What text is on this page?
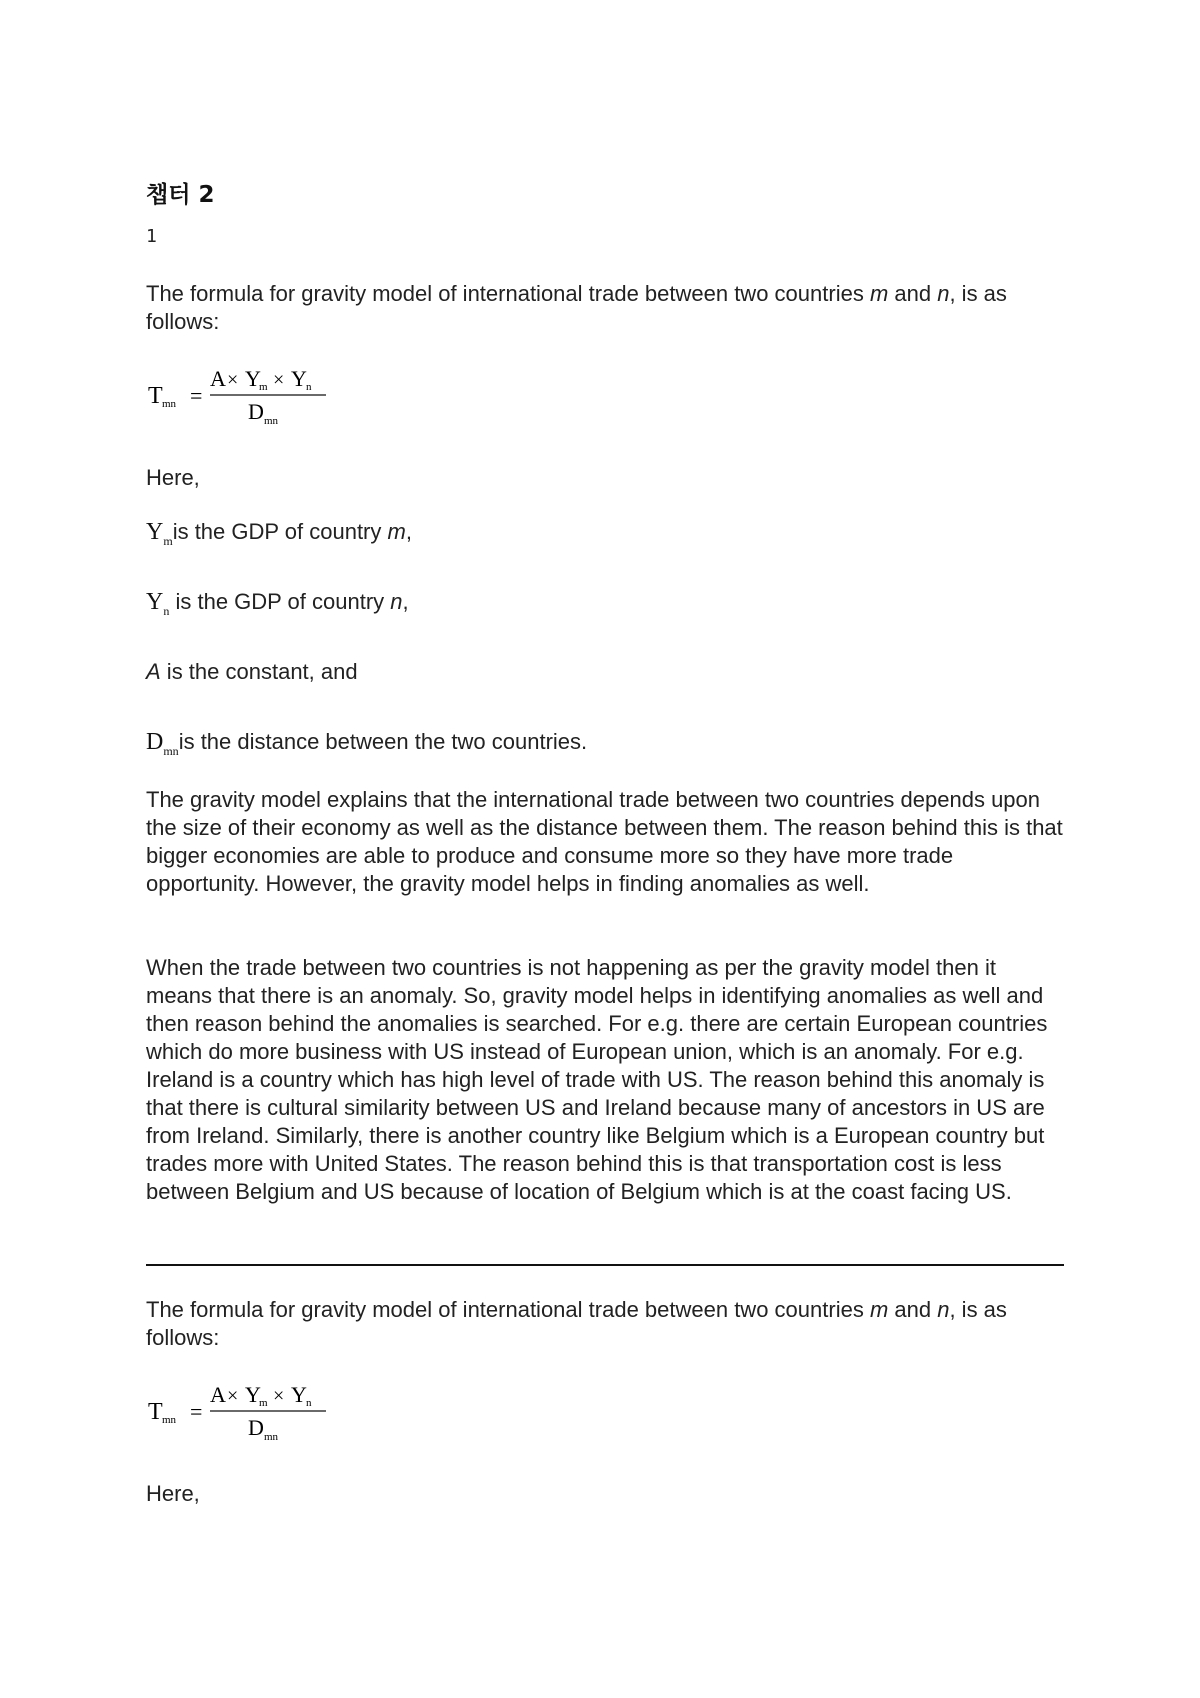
챕터 2
1

The formula for gravity model of international trade between two countries m and n, is as follows:

T mn =
A × Y
m × Y n
D mn
Here,
$Y_mis$ the GDP of country m,
$Y_n$ is the GDP of country n,
A is the constant, and
$D_{mn}is$ the distance between the two countries.

The gravity model explains that the international trade between two countries depends upon the size of their economy as well as the distance between them. The reason behind this is that bigger economies are able to produce and consume more so they have more trade opportunity. However, the gravity model helps in finding anomalies as well.

When the trade between two countries is not happening as per the gravity model then it means that there is an anomaly. So, gravity model helps in identifying anomalies as well and then reason behind the anomalies is searched. For e.g. there are certain European countries which do more business with US instead of European union, which is an anomaly. For e.g. Ireland is a country which has high level of trade with US. The reason behind this anomaly is that there is cultural similarity between US and Ireland because many of ancestors in US are from Ireland. Similarly, there is another country like Belgium which is a European country but trades more with United States. The reason behind this is that transportation cost is less between Belgium and US because of location of Belgium which is at the coast facing US.

The formula for gravity model of international trade between two countries m and n, is as follows:

T mn =
A × Y
m × Y n
D mn
Here,
